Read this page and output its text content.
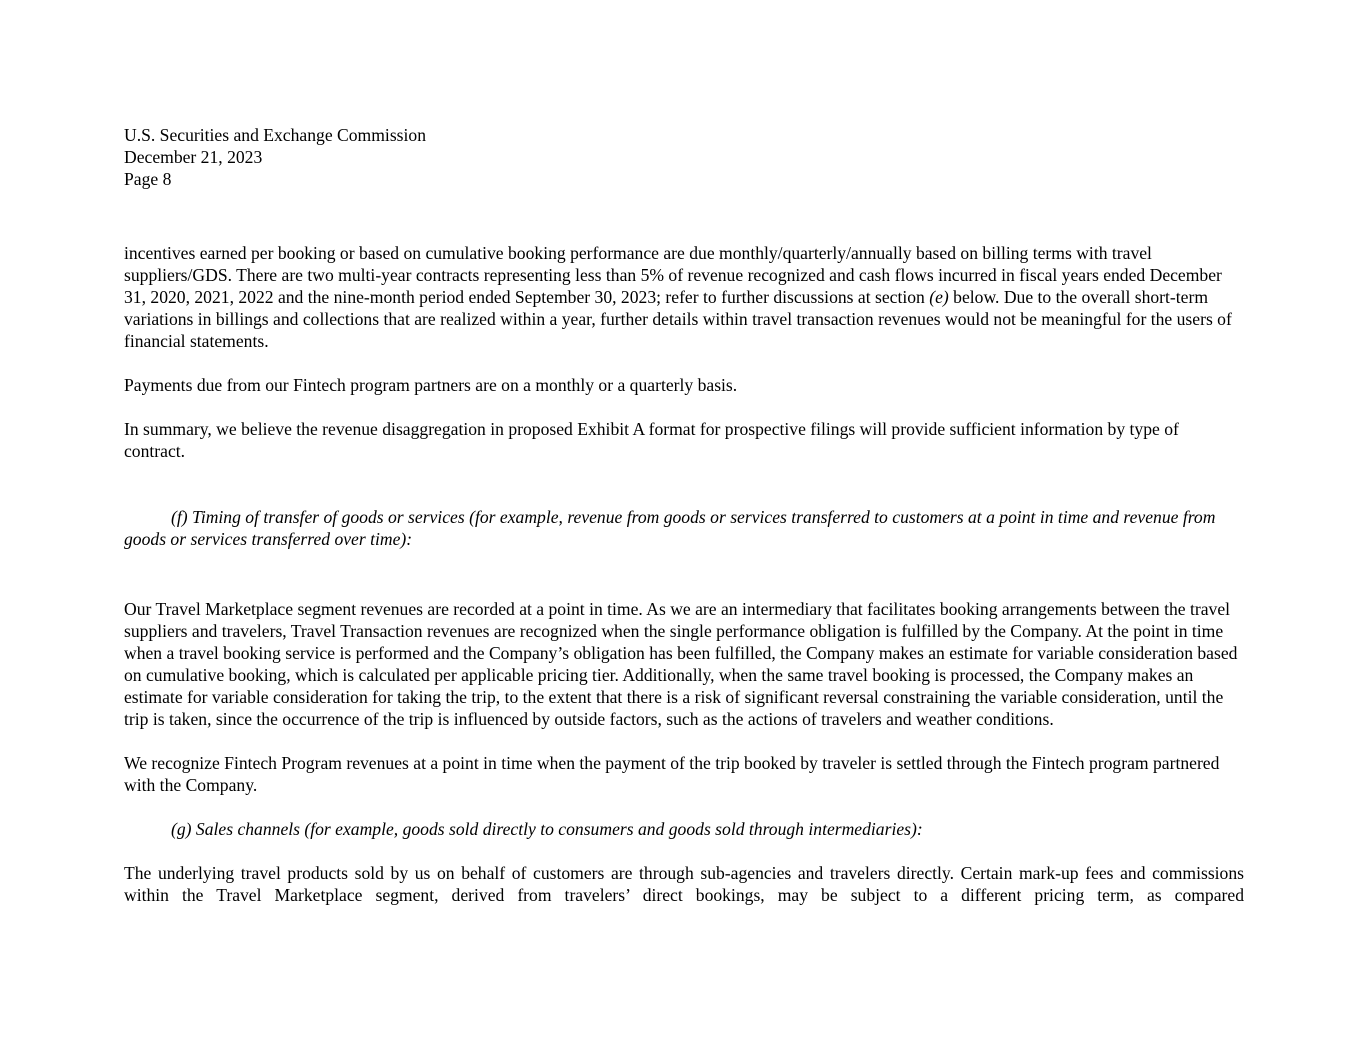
U.S. Securities and Exchange Commission
December 21, 2023
Page 8

incentives earned per booking or based on cumulative booking performance are due monthly/quarterly/annually based on billing terms with travel suppliers/GDS. There are two multi-year contracts representing less than 5% of revenue recognized and cash flows incurred in fiscal years ended December 31, 2020, 2021, 2022 and the nine-month period ended September 30, 2023; refer to further discussions at section (e) below. Due to the overall short-term variations in billings and collections that are realized within a year, further details within travel transaction revenues would not be meaningful for the users of financial statements.

Payments due from our Fintech program partners are on a monthly or a quarterly basis.

In summary, we believe the revenue disaggregation in proposed Exhibit A format for prospective filings will provide sufficient information by type of contract.

(f) Timing of transfer of goods or services (for example, revenue from goods or services transferred to customers at a point in time and revenue from goods or services transferred over time):

Our Travel Marketplace segment revenues are recorded at a point in time. As we are an intermediary that facilitates booking arrangements between the travel suppliers and travelers, Travel Transaction revenues are recognized when the single performance obligation is fulfilled by the Company. At the point in time when a travel booking service is performed and the Company’s obligation has been fulfilled, the Company makes an estimate for variable consideration based on cumulative booking, which is calculated per applicable pricing tier. Additionally, when the same travel booking is processed, the Company makes an estimate for variable consideration for taking the trip, to the extent that there is a risk of significant reversal constraining the variable consideration, until the trip is taken, since the occurrence of the trip is influenced by outside factors, such as the actions of travelers and weather conditions.

We recognize Fintech Program revenues at a point in time when the payment of the trip booked by traveler is settled through the Fintech program partnered with the Company.

(g) Sales channels (for example, goods sold directly to consumers and goods sold through intermediaries):

The underlying travel products sold by us on behalf of customers are through sub-agencies and travelers directly. Certain mark-up fees and commissions within the Travel Marketplace segment, derived from travelers’ direct bookings, may be subject to a different pricing term, as compared
